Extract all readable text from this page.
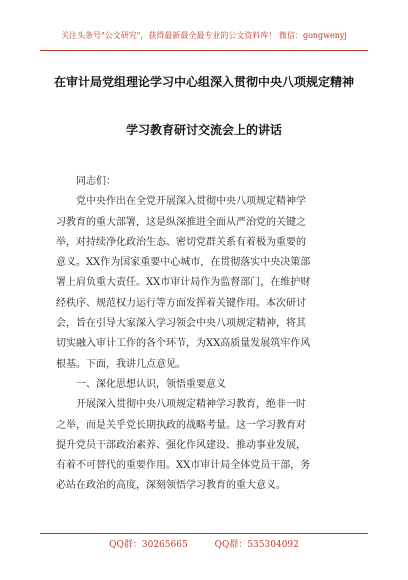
关注头条号"公文研究"，获得最新最全最专业的公文资料库！ 微信：gongwenyj
在审计局党组理论学习中心组深入贯彻中央八项规定精神
学习教育研讨交流会上的讲话
同志们：
党中央作出在全党开展深入贯彻中央八项规定精神学
习教育的重大部署，这是纵深推进全面从严治党的关键之
举，对持续净化政治生态、密切党群关系有着极为重要的
意义。XX作为国家重要中心城市，在贯彻落实中央决策部
署上肩负重大责任。XX市审计局作为监督部门，在维护财
经秩序、规范权力运行等方面发挥着关键作用。本次研讨
会，旨在引导大家深入学习领会中央八项规定精神，将其
切实融入审计工作的各个环节，为XX高质量发展筑牢作风
根基。下面，我讲几点意见。
一、深化思想认识，领悟重要意义
开展深入贯彻中央八项规定精神学习教育，绝非一时
之举，而是关乎党长期执政的战略考量。这一学习教育对
提升党员干部政治素养、强化作风建设、推动事业发展，
有着不可替代的重要作用。XX市审计局全体党员干部，务
必站在政治的高度，深刻领悟学习教育的重大意义。
QQ群：30265665	QQ群：535304092
